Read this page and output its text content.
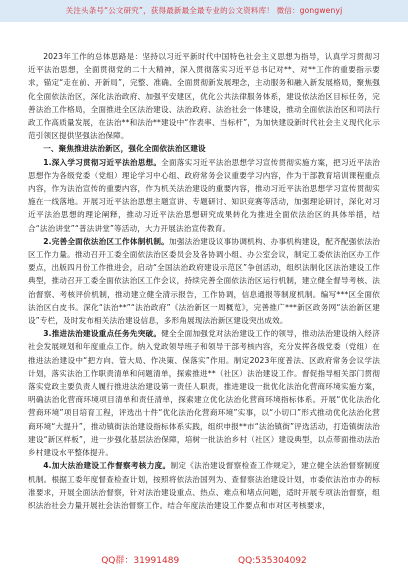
关注头条号“公文研究”，获得最新最全最专业的公文资料库！ 微信：gongwenyj

2023年工作的总体思路是：坚持以习近平新时代中国特色社会主义思想为指导，认真学习贯彻习近平法治思想，全面贯彻党的二十大精神，深入贯彻落实习近平总书记对**、对**工作的重要指示要求，锚定“走在前、开新局”，完整、准确、全面贯彻新发展理念，主动服务和融入新发展格局，聚焦强化全面依法治区，深化法治政府、加强平安建区，优化公共法律服务体系，建设依法治区目标任务，完善法治工作格局，全面推进全区法治建设、法治政府、法治社会一体建设，推动全面依法治区和司法行政工作高质量发展，在法治**和法治**建设中“作表率、当标杆”，为加快建设新时代社会主义现代化示范引领区提供坚强法治保障。

一、聚焦推进法治新区，强化全面依法治区建设

1.深入学习贯彻习近平法治思想。全面落实习近平法治思想学习宣传贯彻实施方案，把习近平法治思想作为各级党委（党组）理论学习中心组、政府常务会议重要学习内容，作为干部教育培训课程重点内容，作为法治宣传的重要内容，作为机关法治建设的重要内容，推动习近平法治思想学习宣传贯彻实施在一线落地。开展习近平法治思想主题宣讲、专题研讨、知识竞赛等活动，加强理论研讨，深化对习近平法治思想的理论阐释，推动习近平法治思想研究成果转化为推进全面依法治区的具体举措，结合“法治讲堂”“普法讲堂”等活动，大力开展法治宣传教育。

2.完善全面依法治区工作体制机制。加强法治建设议事协调机构、办事机构建设，配齐配强依法治区工作力量。推动召开工委全面依法治区委员会及各协调小组、办公室会议，制定工委依法治区办工作要点，出版四月份工作推进会，启动“全国法治政府建设示范区”争创活动，组织法制化区法治建设工作典型，推动召开工委全面依法治区工作会议，持续完善全面依法治区运行机制，建立健全督导考核、法治督察、考核评价机制，推动建立健全清示报告，工作协调，信息通报等制度机制。编写***区全面依法治区白皮书。深化“法治**”“法治政府”《法治新区一周概览》，完善推广***新区政务网“法治新区建设”专栏，及时发布相关法治建设信息，多形角展现法治新区建设突出成效。

3.推进法治建设重点任务先突破。健全全面加强党对法治建设工作的领导，推动法治建设纳入经济社会发展规划和年度重点工作。纳入党政领导班子和领导干部考核内容，充分发挥各级党委（党组）在推进法治建设中“把方向、管大局、作决策、保落实”作用。制定2023年度普法、区政府常务会议学法计划，落实法治工作职责清单和问题清单，探索推进**（社区）法治建设工作。督促指导相关部门贯彻落实党政主要负责人履行推进法治建设第一责任人职责，推进建设一批优化法治化营商环境实施方案，明确法治化营商环境项目清单和责任清单，探索建立优化法治化营商环境指标体系。开展“优化法治化营商环境”项目培育工程，评选出十件“优化法治化营商环境”实事，以“小切口”形式推动优化法治化营商环境“大提升”，推动镇街法治建设指标体系实践，组织申报**市“法治镇街”评选活动，打造镇街法治建设“新区样板”，进一步强化基层法治保障，培树一批法治乡村（社区）建设典型，以点带面推动法治乡村建设水平整体提升。

4.加大法治建设工作督察考核力度。制定《法治建设督察检查工作规定》，建立健全法治督察制度机制。根据工委年度督查检查计划，按照将依法治国列为、查督察法治建设计划，市委依法治市办的标准要求，开展全面法治督察，针对法治建设重点、热点、难点和堵点问题，适时开展专项法治督察，组织法治社会力量开展社会法治督察工作。结合年度法治建设工作要点和市对区考核要求，

QQ群：31991489	QQ:535304092
